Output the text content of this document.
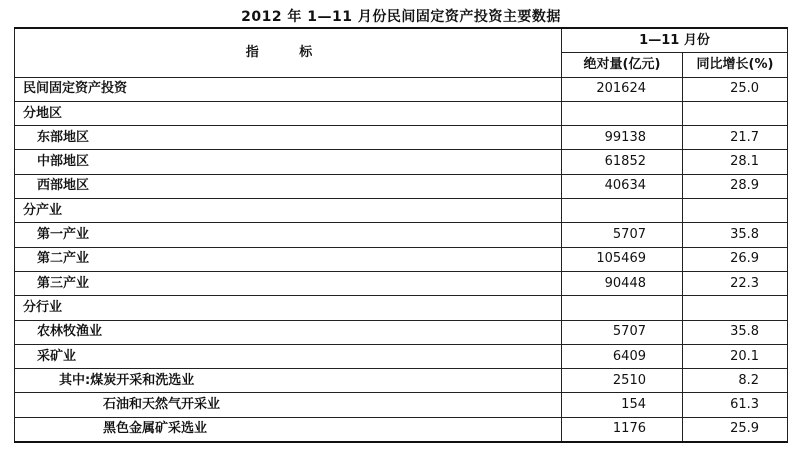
2012 年 1—11 月份民间固定资产投资主要数据
指 标	1—11 月份	
	绝对量(亿元)	同比增长(%)
民间固定资产投资	201624	25.0
分地区		
东部地区	99138	21.7
中部地区	61852	28.1
西部地区	40634	28.9
分产业		
第一产业	5707	35.8
第二产业	105469	26.9
第三产业	90448	22.3
分行业		
农林牧渔业	5707	35.8
采矿业	6409	20.1
其中:煤炭开采和洗选业	2510	8.2
石油和天然气开采业	154	61.3
黑色金属矿采选业	1176	25.9
